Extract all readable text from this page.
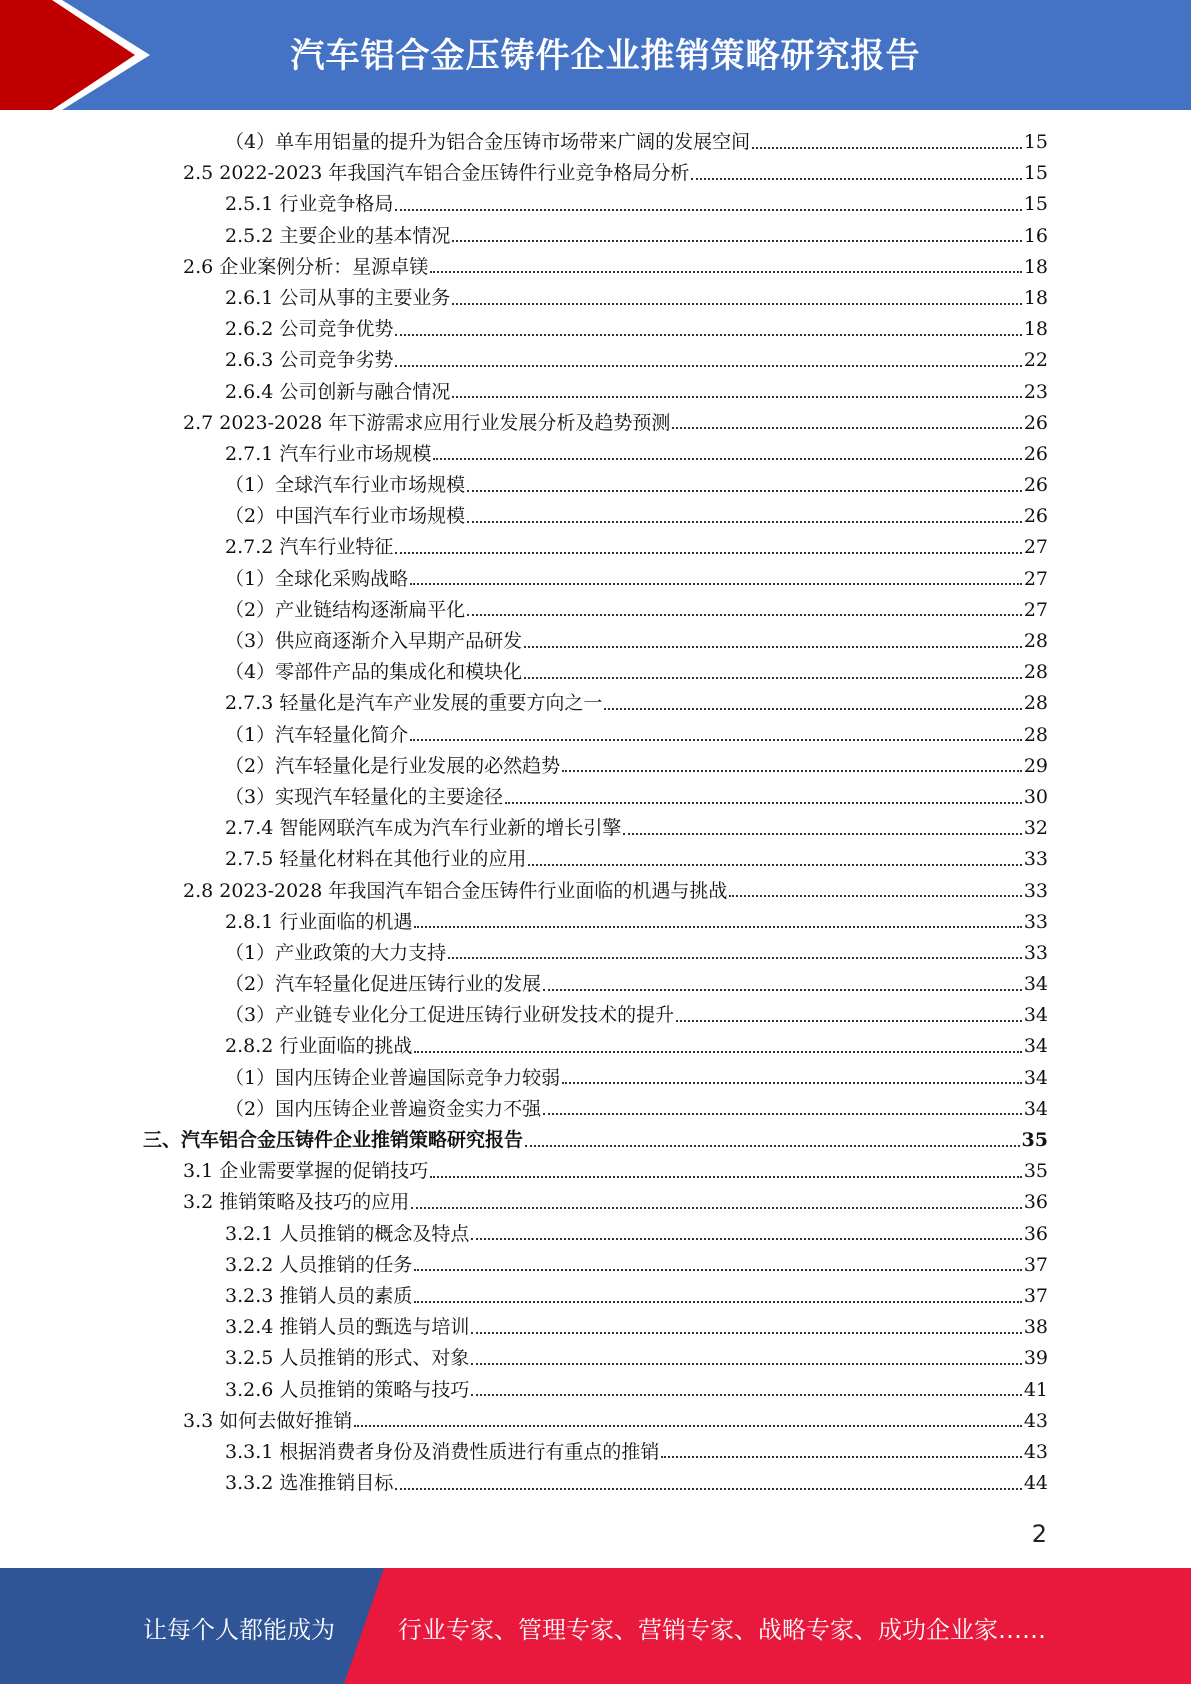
汽车铝合金压铸件企业推销策略研究报告
（4）单车用铝量的提升为铝合金压铸市场带来广阔的发展空间	15
2.5 2022-2023 年我国汽车铝合金压铸件行业竞争格局分析	15
2.5.1 行业竞争格局	15
2.5.2 主要企业的基本情况	16
2.6 企业案例分析：星源卓镁	18
2.6.1 公司从事的主要业务	18
2.6.2 公司竞争优势	18
2.6.3 公司竞争劣势	22
2.6.4 公司创新与融合情况	23
2.7 2023-2028 年下游需求应用行业发展分析及趋势预测	26
2.7.1 汽车行业市场规模	26
（1）全球汽车行业市场规模	26
（2）中国汽车行业市场规模	26
2.7.2 汽车行业特征	27
（1）全球化采购战略	27
（2）产业链结构逐渐扁平化	27
（3）供应商逐渐介入早期产品研发	28
（4）零部件产品的集成化和模块化	28
2.7.3 轻量化是汽车产业发展的重要方向之一	28
（1）汽车轻量化简介	28
（2）汽车轻量化是行业发展的必然趋势	29
（3）实现汽车轻量化的主要途径	30
2.7.4 智能网联汽车成为汽车行业新的增长引擎	32
2.7.5 轻量化材料在其他行业的应用	33
2.8 2023-2028 年我国汽车铝合金压铸件行业面临的机遇与挑战	33
2.8.1 行业面临的机遇	33
（1）产业政策的大力支持	33
（2）汽车轻量化促进压铸行业的发展	34
（3）产业链专业化分工促进压铸行业研发技术的提升	34
2.8.2 行业面临的挑战	34
（1）国内压铸企业普遍国际竞争力较弱	34
（2）国内压铸企业普遍资金实力不强	34
三、汽车铝合金压铸件企业推销策略研究报告	35
3.1 企业需要掌握的促销技巧	35
3.2 推销策略及技巧的应用	36
3.2.1 人员推销的概念及特点	36
3.2.2 人员推销的任务	37
3.2.3 推销人员的素质	37
3.2.4 推销人员的甄选与培训	38
3.2.5 人员推销的形式、对象	39
3.2.6 人员推销的策略与技巧	41
3.3 如何去做好推销	43
3.3.1 根据消费者身份及消费性质进行有重点的推销	43
3.3.2 选准推销目标	44
2
让每个人都能成为	行业专家、管理专家、营销专家、战略专家、成功企业家……
